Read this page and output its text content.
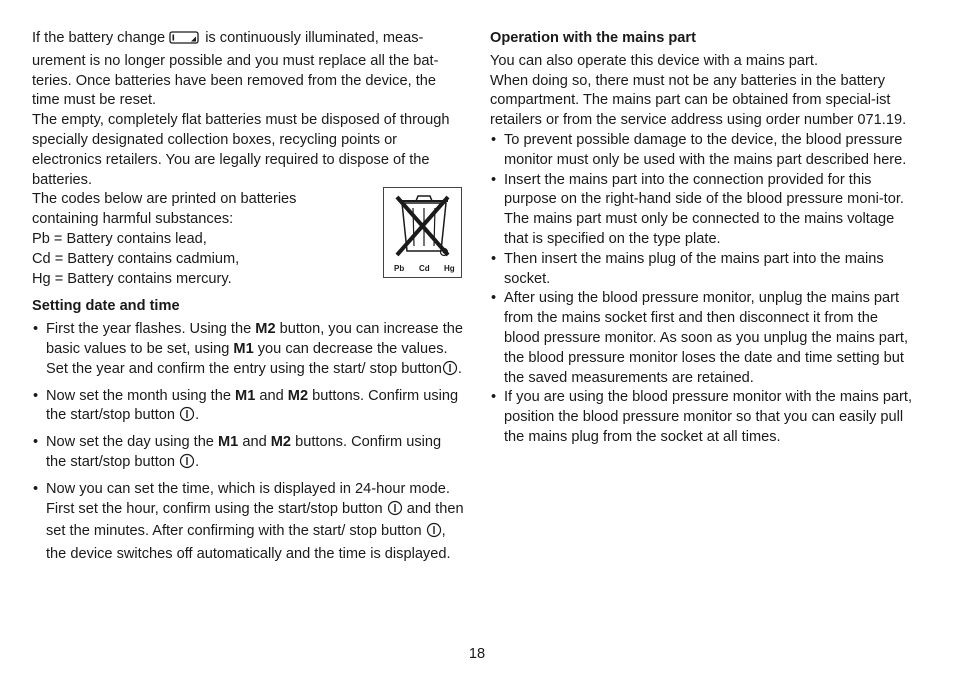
If the battery change	is continuously illuminated, meas-urement is no longer possible and you must replace all the bat-teries. Once batteries have been removed from the device, the time must be reset.

The empty, completely flat batteries must be disposed of through specially designated collection boxes, recycling points or electronics retailers. You are legally required to dispose of the batteries.

The codes below are printed on batteries containing harmful substances:

Pb = Battery contains lead,

Cd = Battery contains cadmium,

Hg = Battery contains mercury.

Pb Cd Hg

Setting date and time

• First the year flashes. Using the M2 button, you can increase the basic values to be set, using M1 you can decrease the values. Set the year and confirm the entry using the start/ stop button .
• Now set the month using the M1 and M2 buttons. Confirm using the start/stop button .
• Now set the day using the M1 and M2 buttons. Confirm using the start/stop button .
• Now you can set the time, which is displayed in 24-hour mode. First set the hour, confirm using the start/stop button and then set the minutes. After confirming with the start/ stop button , the device switches off automatically and the time is displayed.

Operation with the mains part

You can also operate this device with a mains part.

When doing so, there must not be any batteries in the battery compartment. The mains part can be obtained from special-ist retailers or from the service address using order number 071.19.

• To prevent possible damage to the device, the blood pressure monitor must only be used with the mains part described here.
• Insert the mains part into the connection provided for this purpose on the right-hand side of the blood pressure moni-tor. The mains part must only be connected to the mains voltage that is specified on the type plate.
• Then insert the mains plug of the mains part into the mains socket.
• After using the blood pressure monitor, unplug the mains part from the mains socket first and then disconnect it from the blood pressure monitor. As soon as you unplug the mains part, the blood pressure monitor loses the date and time setting but the saved measurements are retained.
• If you are using the blood pressure monitor with the mains part, position the blood pressure monitor so that you can easily pull the mains plug from the socket at all times.
18
